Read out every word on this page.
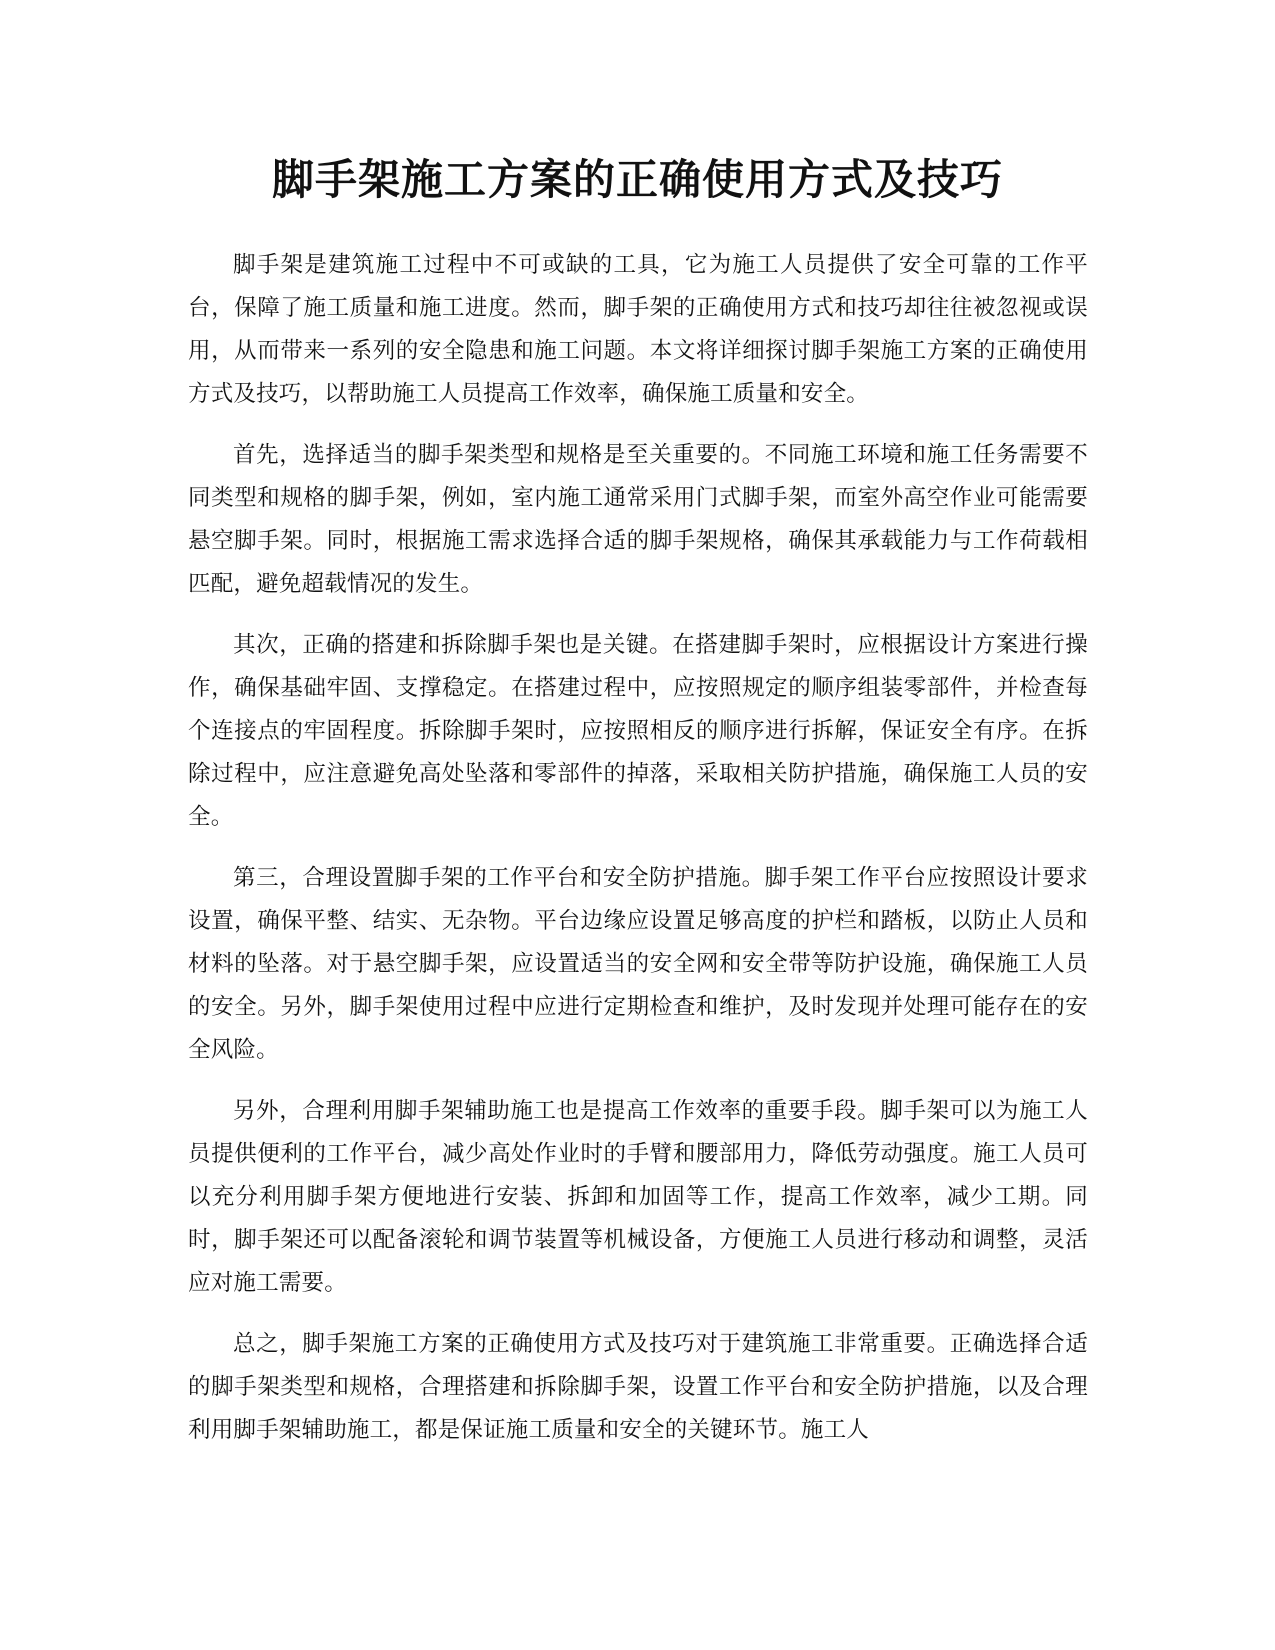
脚手架施工方案的正确使用方式及技巧

脚手架是建筑施工过程中不可或缺的工具，它为施工人员提供了安全可靠的工作平台，保障了施工质量和施工进度。然而，脚手架的正确使用方式和技巧却往往被忽视或误用，从而带来一系列的安全隐患和施工问题。本文将详细探讨脚手架施工方案的正确使用方式及技巧，以帮助施工人员提高工作效率，确保施工质量和安全。

首先，选择适当的脚手架类型和规格是至关重要的。不同施工环境和施工任务需要不同类型和规格的脚手架，例如，室内施工通常采用门式脚手架，而室外高空作业可能需要悬空脚手架。同时，根据施工需求选择合适的脚手架规格，确保其承载能力与工作荷载相匹配，避免超载情况的发生。

其次，正确的搭建和拆除脚手架也是关键。在搭建脚手架时，应根据设计方案进行操作，确保基础牢固、支撑稳定。在搭建过程中，应按照规定的顺序组装零部件，并检查每个连接点的牢固程度。拆除脚手架时，应按照相反的顺序进行拆解，保证安全有序。在拆除过程中，应注意避免高处坠落和零部件的掉落，采取相关防护措施，确保施工人员的安全。

第三，合理设置脚手架的工作平台和安全防护措施。脚手架工作平台应按照设计要求设置，确保平整、结实、无杂物。平台边缘应设置足够高度的护栏和踏板，以防止人员和材料的坠落。对于悬空脚手架，应设置适当的安全网和安全带等防护设施，确保施工人员的安全。另外，脚手架使用过程中应进行定期检查和维护，及时发现并处理可能存在的安全风险。

另外，合理利用脚手架辅助施工也是提高工作效率的重要手段。脚手架可以为施工人员提供便利的工作平台，减少高处作业时的手臂和腰部用力，降低劳动强度。施工人员可以充分利用脚手架方便地进行安装、拆卸和加固等工作，提高工作效率，减少工期。同时，脚手架还可以配备滚轮和调节装置等机械设备，方便施工人员进行移动和调整，灵活应对施工需要。

总之，脚手架施工方案的正确使用方式及技巧对于建筑施工非常重要。正确选择合适的脚手架类型和规格，合理搭建和拆除脚手架，设置工作平台和安全防护措施，以及合理利用脚手架辅助施工，都是保证施工质量和安全的关键环节。施工人
